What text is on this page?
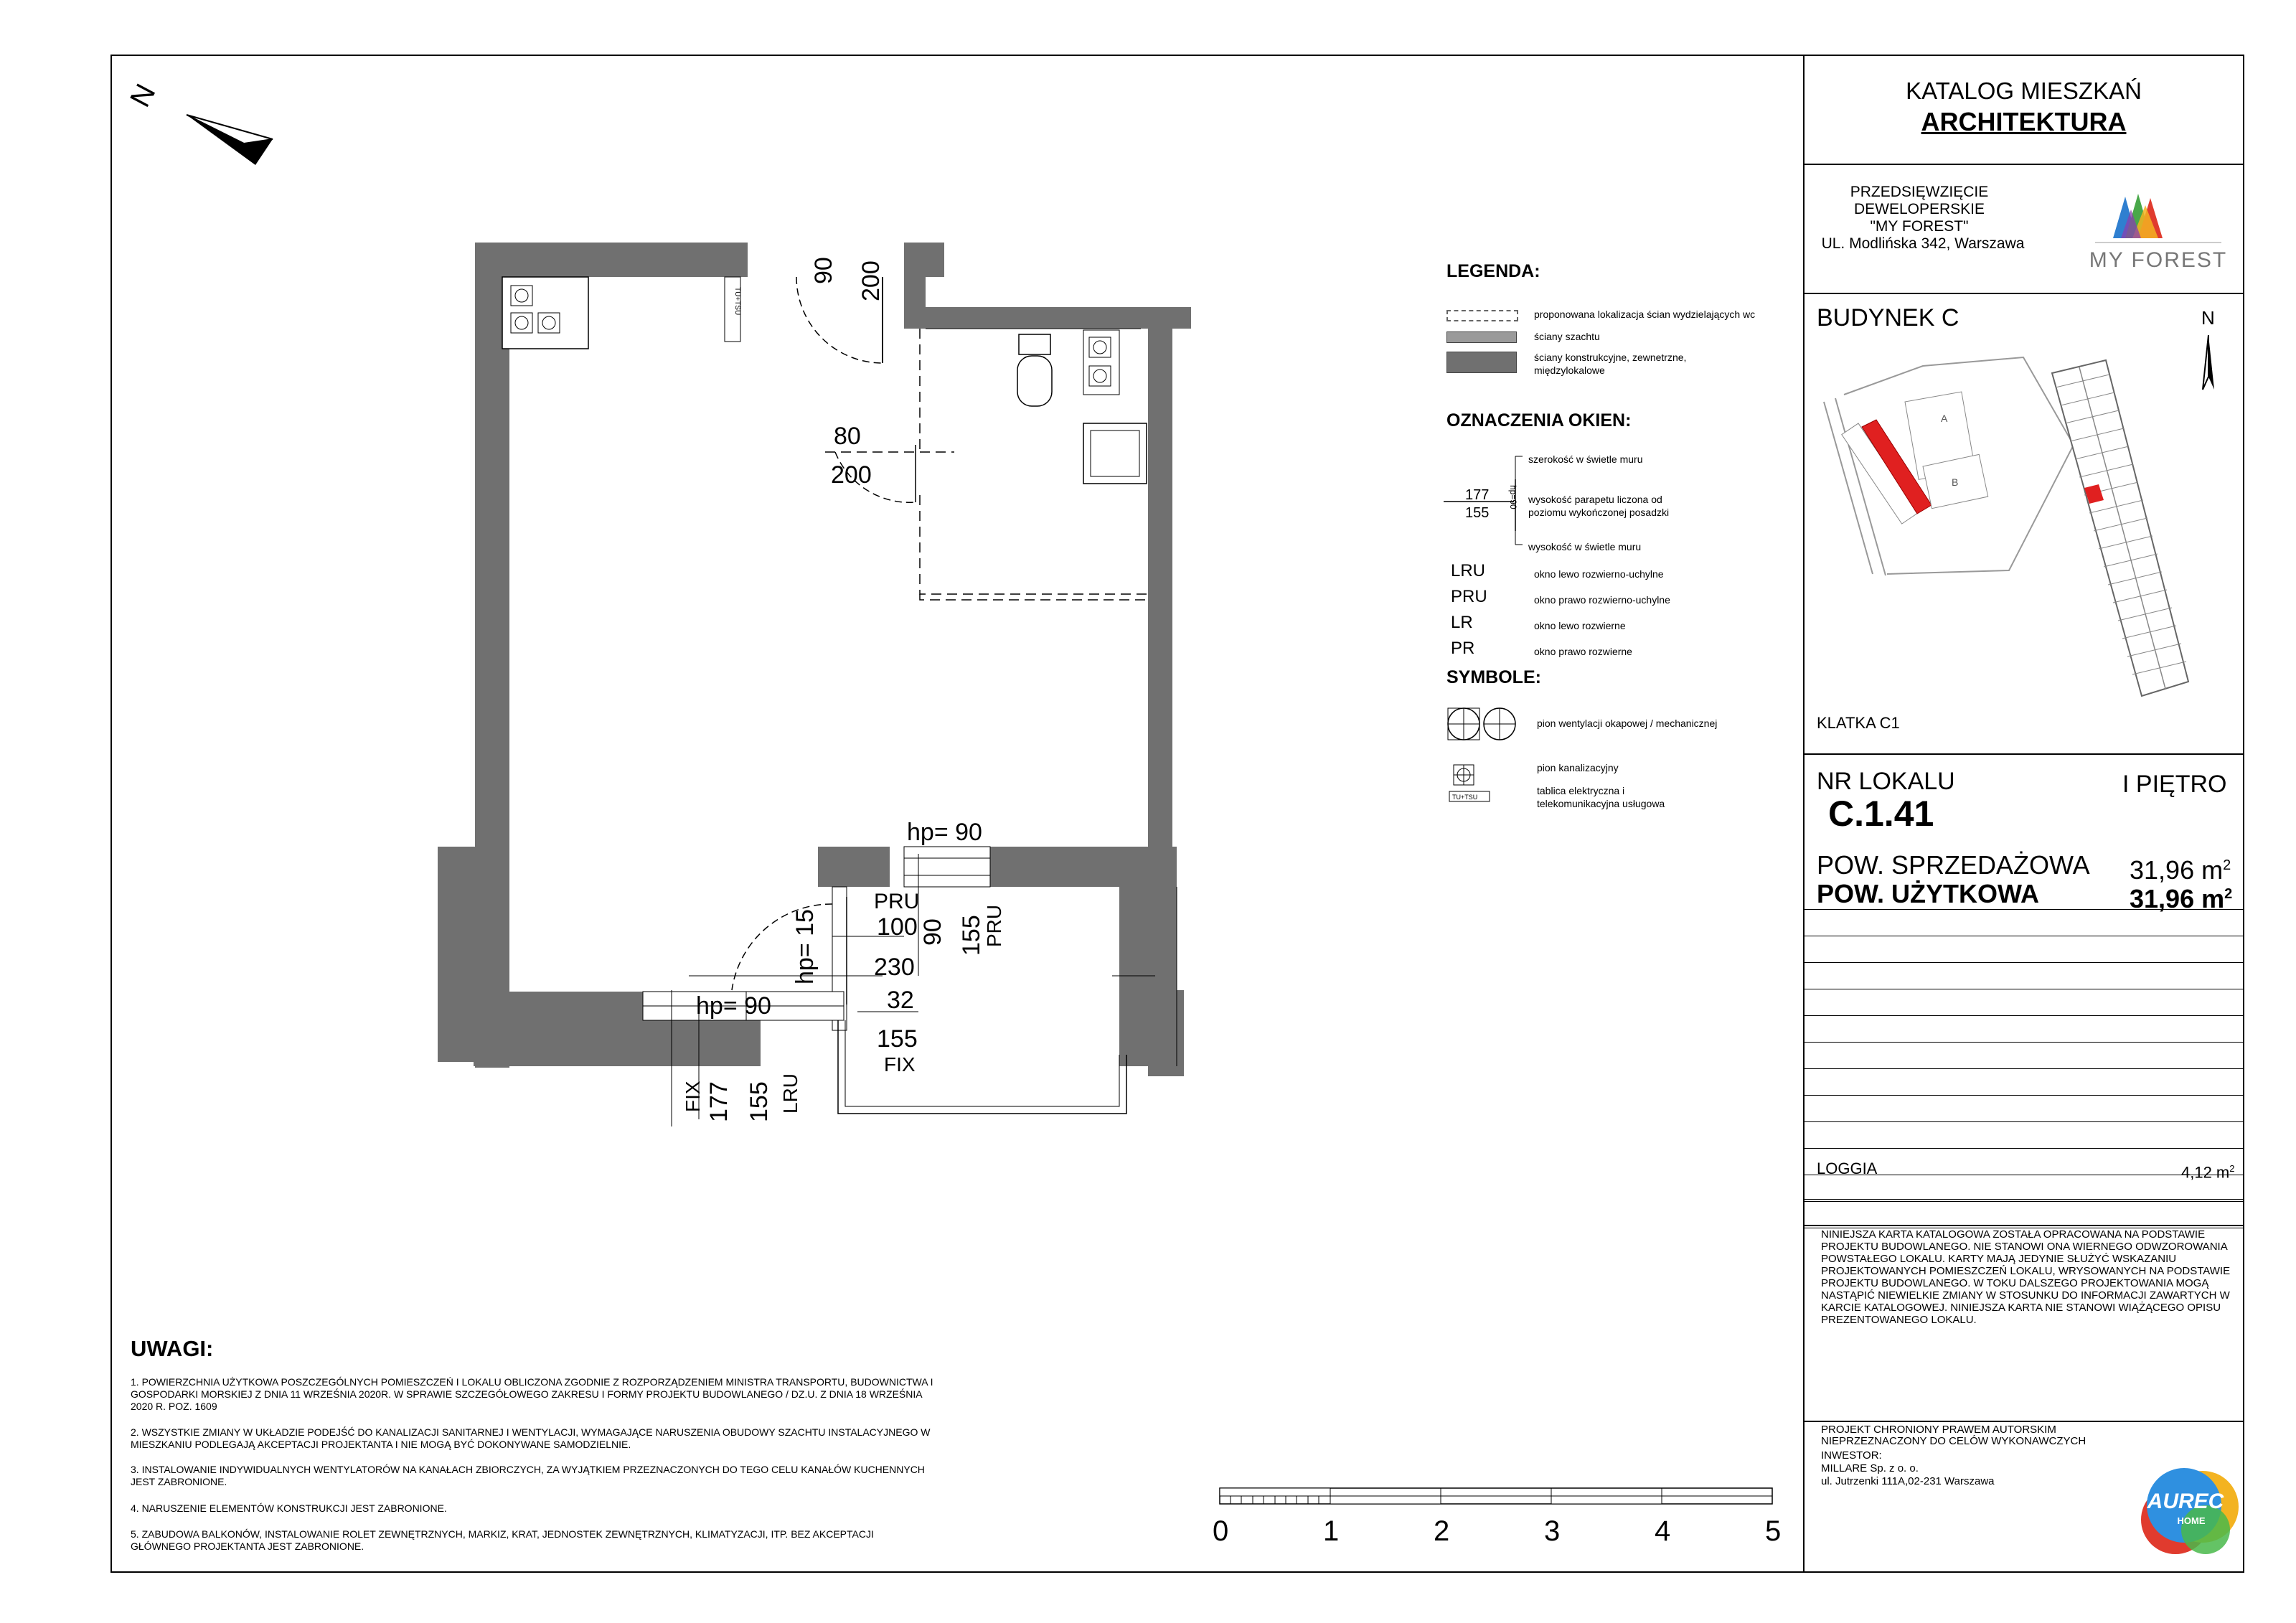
KATALOG MIESZKAŃ
ARCHITEKTURA
PRZEDSIĘWZIĘCIE
DEWELOPERSKIE
"MY FOREST"
UL. Modlińska 342, Warszawa
MY FOREST
BUDYNEK C	N
A
B
KLATKA C1
NR LOKALU	I PIĘTRO
C.1.41
POW. SPRZEDAŻOWA 31,96 $m^2$
POW. UŻYTKOWA	31,96 $m^2$
LOGGIA	4,12 $m^2$
NINIEJSZA KARTA KATALOGOWA ZOSTAŁA OPRACOWANA NA PODSTAWIE PROJEKTU BUDOWLANEGO. NIE STANOWI ONA WIERNEGO ODWZOROWANIA POWSTAŁEGO LOKALU. KARTY MAJĄ JEDYNIE SŁUŻYĆ WSKAZANIU PROJEKTOWANYCH POMIESZCZEŃ LOKALU, WRYSOWANYCH NA PODSTAWIE PROJEKTU BUDOWLANEGO. W TOKU DALSZEGO PROJEKTOWANIA MOGĄ NASTĄPIĆ NIEWIELKIE ZMIANY W STOSUNKU DO INFORMACJI ZAWARTYCH W KARCIE KATALOGOWEJ. NINIEJSZA KARTA NIE STANOWI WIĄŻĄCEGO OPISU PREZENTOWANEGO LOKALU.
PROJEKT CHRONIONY PRAWEM AUTORSKIM
NIEPRZEZNACZONY DO CELÓW WYKONAWCZYCH
INWESTOR:
MILLARE Sp. z o. o.
ul. Jutrzenki 111A,02-231 Warszawa
AUREC
HOME
LEGENDA:
proponowana lokalizacja ścian wydzielających wc
ściany szachtu
ściany konstrukcyjne, zewnetrzne,
międzylokalowe
OZNACZENIA OKIEN:
177
155
hp=90
szerokość w świetle muru
wysokość parapetu liczona od
poziomu wykończonej posadzki
wysokość w świetle muru
LRU	okno lewo rozwierno-uchylne
PRU	okno prawo rozwierno-uchylne
LR	okno lewo rozwierne
PR	okno prawo rozwierne
SYMBOLE:
TU+TSU
pion wentylacji okapowej / mechanicznej
pion kanalizacyjny
tablica elektryczna i
telekomunikacyjna usługowa
N
TU+TSU
90 200
80
200
hp= 90
PRU
100 90 155
PRU
hp= 15 230
hp= 90	32
155
FIX
FIX 177 155 LRU
UWAGI:
1. POWIERZCHNIA UŻYTKOWA POSZCZEGÓLNYCH POMIESZCZEŃ I LOKALU OBLICZONA ZGODNIE Z ROZPORZĄDZENIEM MINISTRA TRANSPORTU, BUDOWNICTWA I GOSPODARKI MORSKIEJ Z DNIA 11 WRZEŚNIA 2020R. W SPRAWIE SZCZEGÓŁOWEGO ZAKRESU I FORMY PROJEKTU BUDOWLANEGO / DZ.U. Z DNIA 18 WRZEŚNIA 2020 R. POZ. 1609
2. WSZYSTKIE ZMIANY W UKŁADZIE PODEJŚĆ DO KANALIZACJI SANITARNEJ I WENTYLACJI, WYMAGAJĄCE NARUSZENIA OBUDOWY SZACHTU INSTALACYJNEGO W MIESZKANIU PODLEGAJĄ AKCEPTACJI PROJEKTANTA I NIE MOGĄ BYĆ DOKONYWANE SAMODZIELNIE.
3. INSTALOWANIE INDYWIDUALNYCH WENTYLATORÓW NA KANAŁACH ZBIORCZYCH, ZA WYJĄTKIEM PRZEZNACZONYCH DO TEGO CELU KANAŁÓW KUCHENNYCH JEST ZABRONIONE.
4. NARUSZENIE ELEMENTÓW KONSTRUKCJI JEST ZABRONIONE.
5. ZABUDOWA BALKONÓW, INSTALOWANIE ROLET ZEWNĘTRZNYCH, MARKIZ, KRAT, JEDNOSTEK ZEWNĘTRZNYCH, KLIMATYZACJI, ITP. BEZ AKCEPTACJI GŁÓWNEGO PROJEKTANTA JEST ZABRONIONE.	0	1	2	3	4	5
